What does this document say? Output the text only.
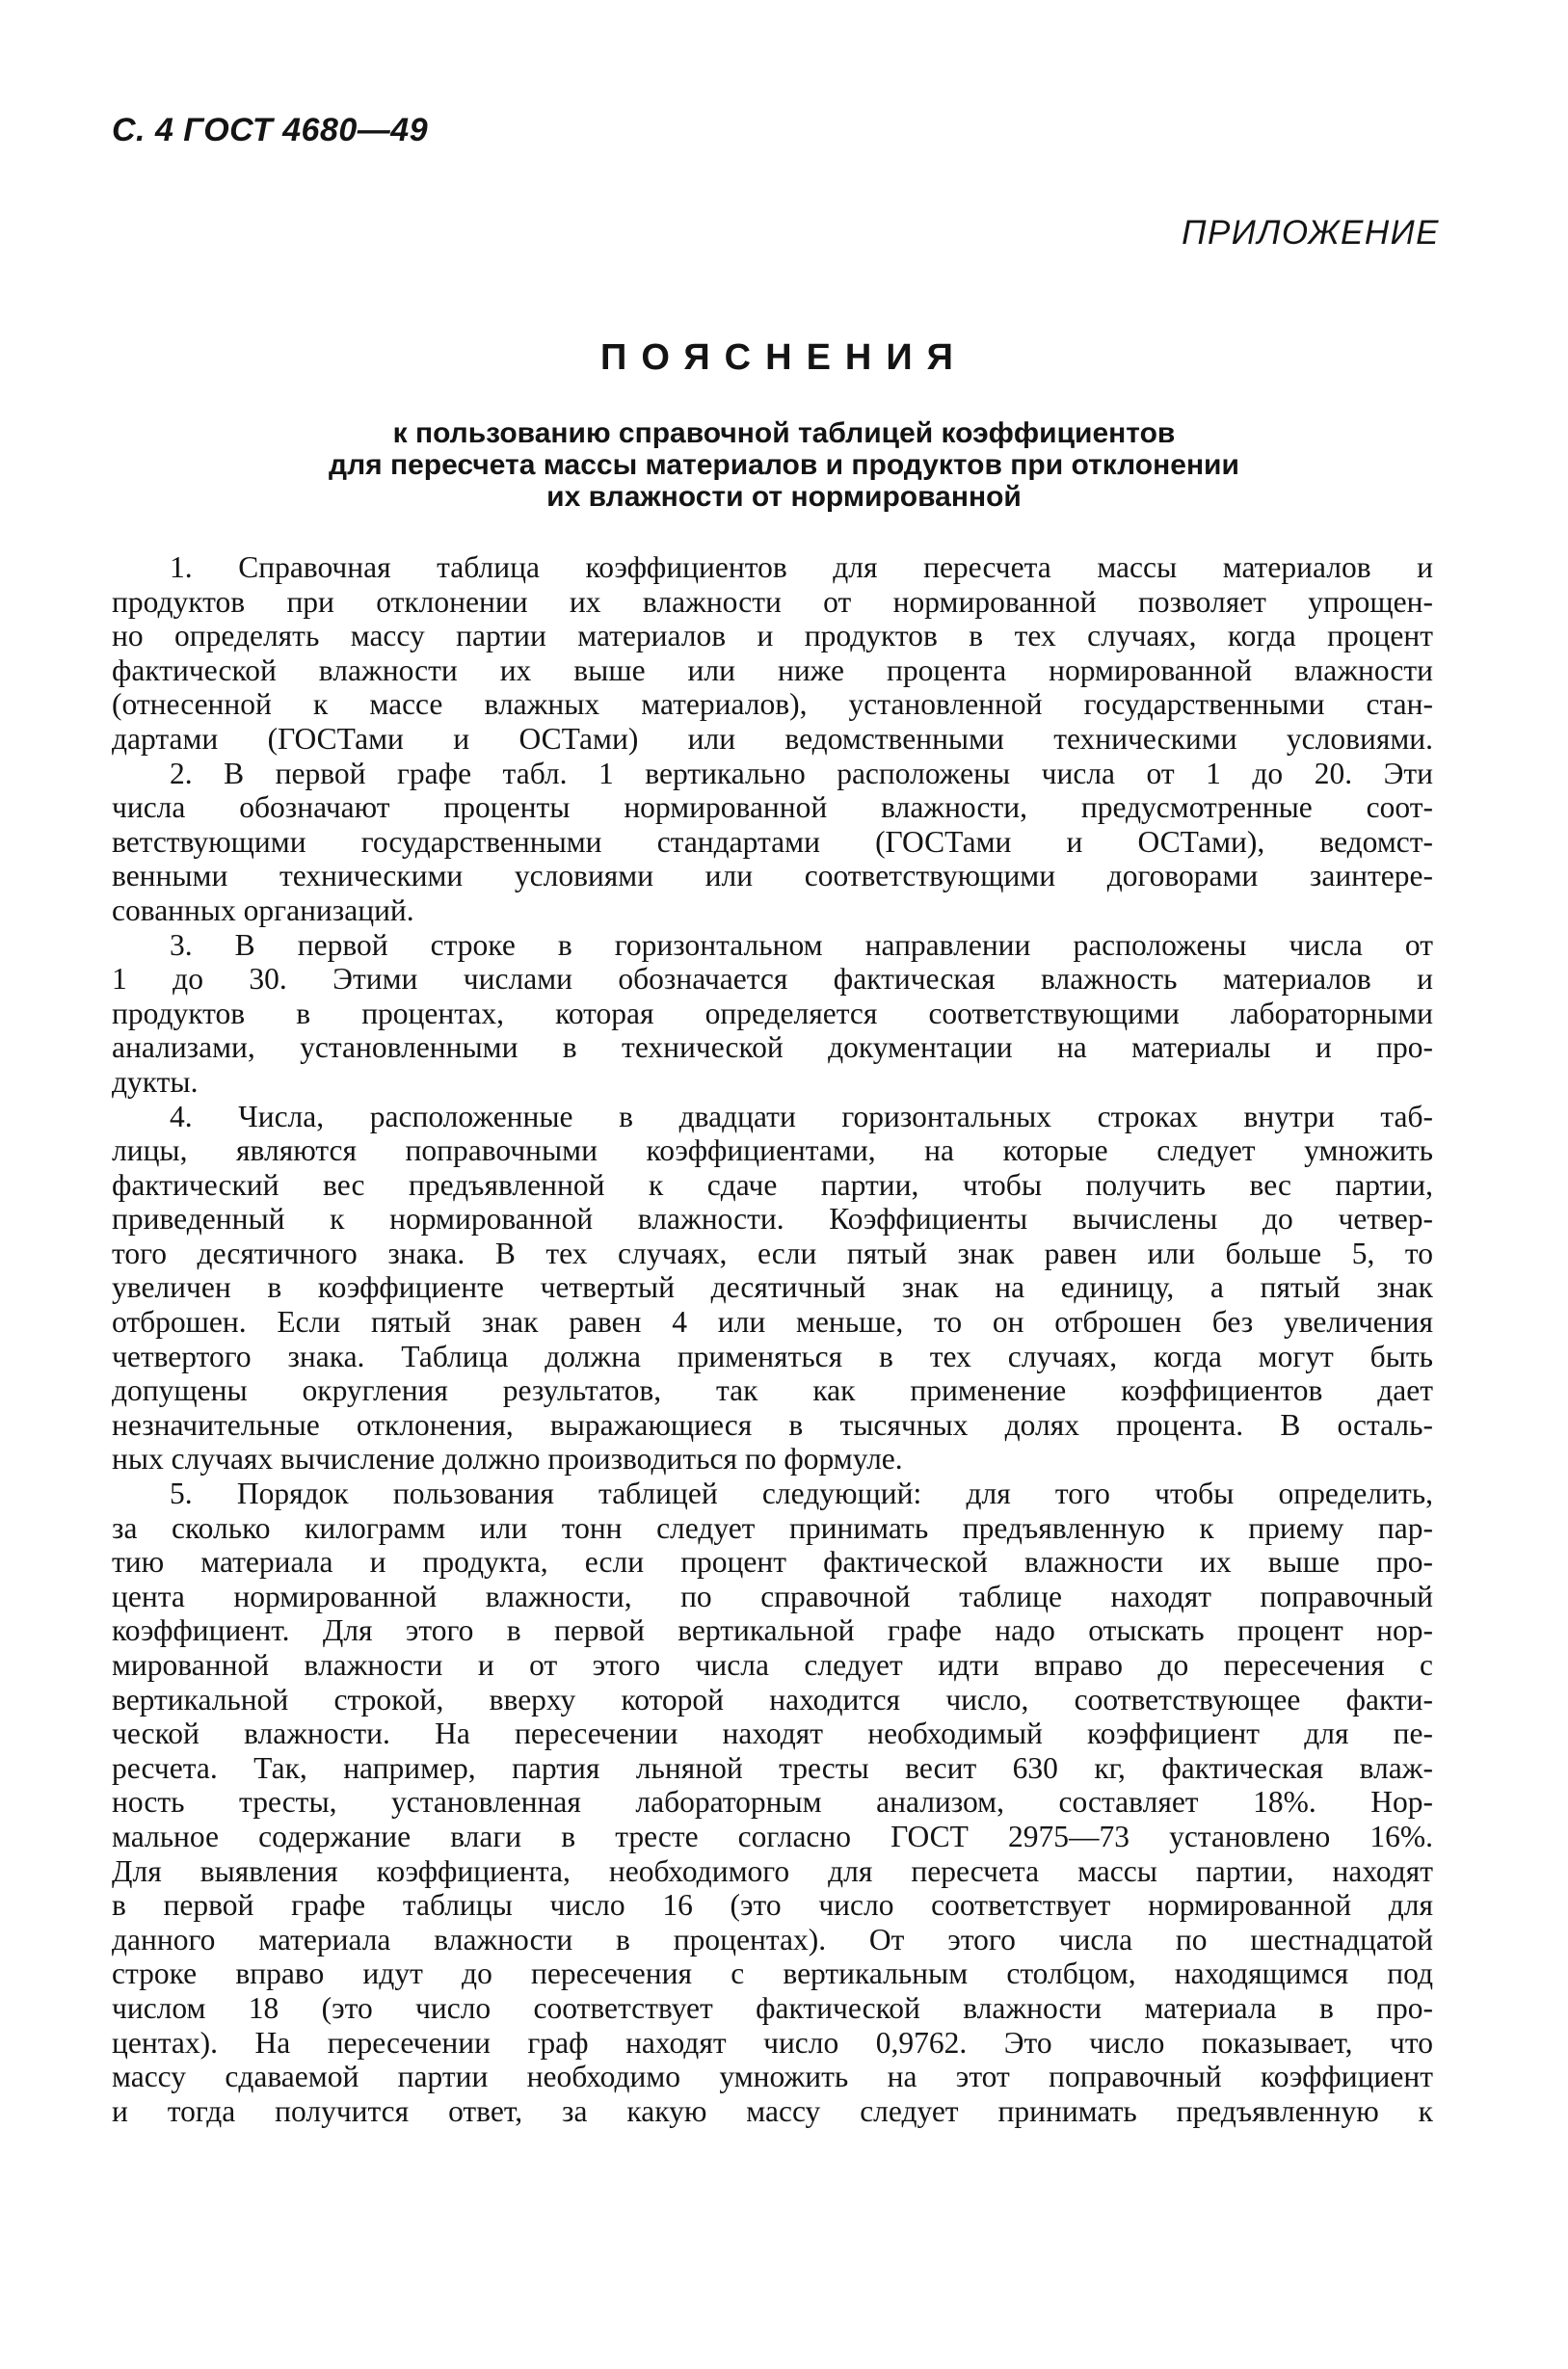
С. 4 ГОСТ 4680—49
ПРИЛОЖЕНИЕ
ПОЯСНЕНИЯ
к пользованию справочной таблицей коэффициентов
для пересчета массы материалов и продуктов при отклонении
их влажности от нормированной
1. Справочная таблица коэффициентов для пересчета массы материалов и
продуктов при отклонении их влажности от нормированной позволяет упрощен-
но определять массу партии материалов и продуктов в тех случаях, когда процент
фактической влажности их выше или ниже процента нормированной влажности
(отнесенной к массе влажных материалов), установленной государственными стан-
дартами (ГОСТами и ОСТами) или ведомственными техническими условиями.
2. В первой графе табл. 1 вертикально расположены числа от 1 до 20. Эти
числа обозначают проценты нормированной влажности, предусмотренные соот-
ветствующими государственными стандартами (ГОСТами и ОСТами), ведомст-
венными техническими условиями или соответствующими договорами заинтере-
сованных организаций.
3. В первой строке в горизонтальном направлении расположены числа от
1 до 30. Этими числами обозначается фактическая влажность материалов и
продуктов в процентах, которая определяется соответствующими лабораторными
анализами, установленными в технической документации на материалы и про-
дукты.
4. Числа, расположенные в двадцати горизонтальных строках внутри таб-
лицы, являются поправочными коэффициентами, на которые следует умножить
фактический вес предъявленной к сдаче партии, чтобы получить вес партии,
приведенный к нормированной влажности. Коэффициенты вычислены до четвер-
того десятичного знака. В тех случаях, если пятый знак равен или больше 5, то
увеличен в коэффициенте четвертый десятичный знак на единицу, а пятый знак
отброшен. Если пятый знак равен 4 или меньше, то он отброшен без увеличения
четвертого знака. Таблица должна применяться в тех случаях, когда могут быть
допущены округления результатов, так как применение коэффициентов дает
незначительные отклонения, выражающиеся в тысячных долях процента. В осталь-
ных случаях вычисление должно производиться по формуле.
5. Порядок пользования таблицей следующий: для того чтобы определить,
за сколько килограмм или тонн следует принимать предъявленную к приему пар-
тию материала и продукта, если процент фактической влажности их выше про-
цента нормированной влажности, по справочной таблице находят поправочный
коэффициент. Для этого в первой вертикальной графе надо отыскать процент нор-
мированной влажности и от этого числа следует идти вправо до пересечения с
вертикальной строкой, вверху которой находится число, соответствующее факти-
ческой влажности. На пересечении находят необходимый коэффициент для пе-
ресчета. Так, например, партия льняной тресты весит 630 кг, фактическая влаж-
ность тресты, установленная лабораторным анализом, составляет 18%. Нор-
мальное содержание влаги в тресте согласно ГОСТ 2975—73 установлено 16%.
Для выявления коэффициента, необходимого для пересчета массы партии, находят
в первой графе таблицы число 16 (это число соответствует нормированной для
данного материала влажности в процентах). От этого числа по шестнадцатой
строке вправо идут до пересечения с вертикальным столбцом, находящимся под
числом 18 (это число соответствует фактической влажности материала в про-
центах). На пересечении граф находят число 0,9762. Это число показывает, что
массу сдаваемой партии необходимо умножить на этот поправочный коэффициент
и тогда получится ответ, за какую массу следует принимать предъявленную к
